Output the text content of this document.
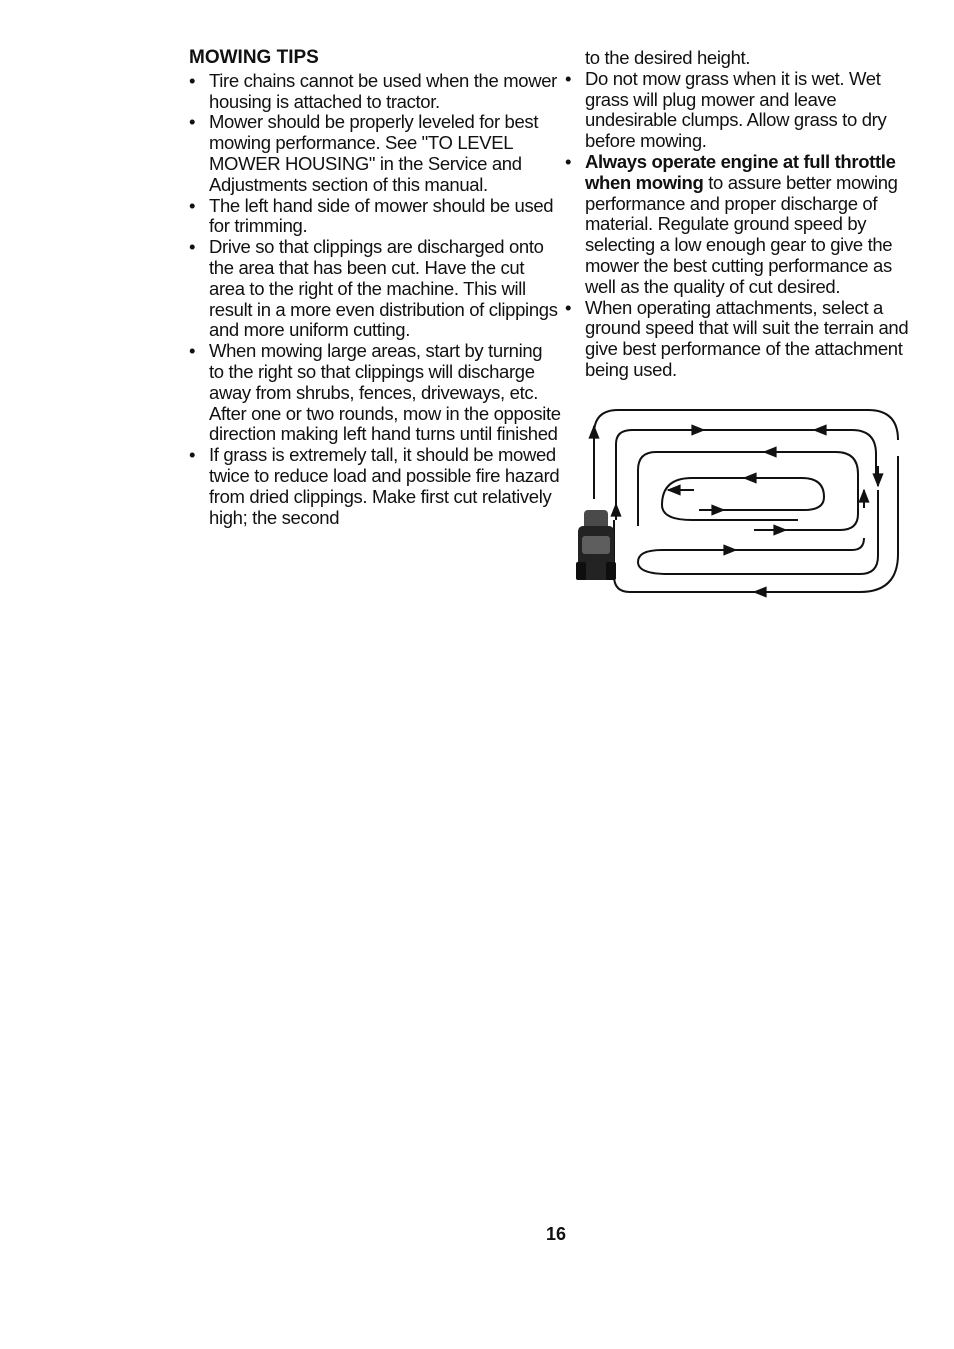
MOWING TIPS
• Tire chains cannot be used when the mower housing is attached to tractor.
• Mower should be properly leveled for best mowing performance. See "TO LEVEL MOWER HOUSING" in the Service and Adjustments section of this manual.
• The left hand side of mower should be used for trimming.
• Drive so that clippings are discharged onto the area that has been cut. Have the cut area to the right of the machine. This will result in a more even distribution of clippings and more uniform cutting.
• When mowing large areas, start by turning to the right so that clippings will discharge away from shrubs, fences, driveways, etc. After one or two rounds, mow in the opposite direction making left hand turns until finished
• If grass is extremely tall, it should be mowed twice to reduce load and possible fire hazard from dried clippings. Make first cut relatively high; the second

to the desired height.

• Do not mow grass when it is wet. Wet grass will plug mower and leave undesirable clumps. Allow grass to dry before mowing.
• Always operate engine at full throttle when mowing to assure better mowing performance and proper discharge of material. Regulate ground speed by selecting a low enough gear to give the mower the best cutting performance as well as the quality of cut desired.
• When operating attachments, select a ground speed that will suit the terrain and give best performance of the attachment being used.
16
